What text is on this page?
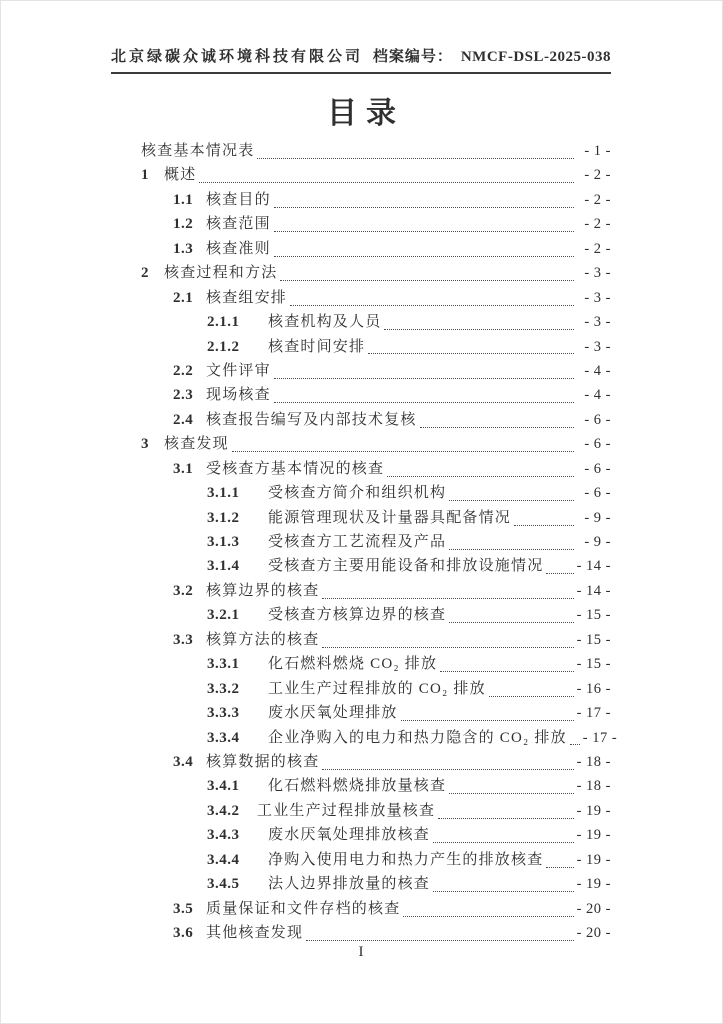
北京绿碳众诚环境科技有限公司 档案编号： NMCF-DSL-2025-038
目录
核查基本情况表	- 1 -
1	概述	- 2 -
1.1 核查目的	- 2 -
1.2 核查范围	- 2 -
1.3 核查准则	- 2 -
2	核查过程和方法	- 3 -
2.1 核查组安排	- 3 -
2.1.1	核查机构及人员	- 3 -
2.1.2	核查时间安排	- 3 -
2.2 文件评审	- 4 -
2.3 现场核查	- 4 -
2.4 核查报告编写及内部技术复核	- 6 -
3	核查发现	- 6 -
3.1 受核查方基本情况的核查	- 6 -
3.1.1	受核查方简介和组织机构	- 6 -
3.1.2	能源管理现状及计量器具配备情况	- 9 -
3.1.3	受核查方工艺流程及产品	- 9 -
3.1.4	受核查方主要用能设备和排放设施情况 - 14 -
3.2 核算边界的核查	- 14 -
3.2.1	受核查方核算边界的核查	- 15 -
3.3 核算方法的核查	- 15 -
3.3.1	化石燃料燃烧 CO₂ 排放	- 15 -
3.3.2	工业生产过程排放的 CO₂ 排放	- 16 -
3.3.3	废水厌氧处理排放	- 17 -
3.3.4	企业净购入的电力和热力隐含的 CO₂ 排放 - 17 -
3.4 核算数据的核查	- 18 -
3.4.1	化石燃料燃烧排放量核查	- 18 -
3.4.2	工业生产过程排放量核查	- 19 -
3.4.3	废水厌氧处理排放核查	- 19 -
3.4.4	净购入使用电力和热力产生的排放核查 - 19 -
3.4.5	法人边界排放量的核查	- 19 -
3.5 质量保证和文件存档的核查	- 20 -
3.6 其他核查发现	- 20 -
I
